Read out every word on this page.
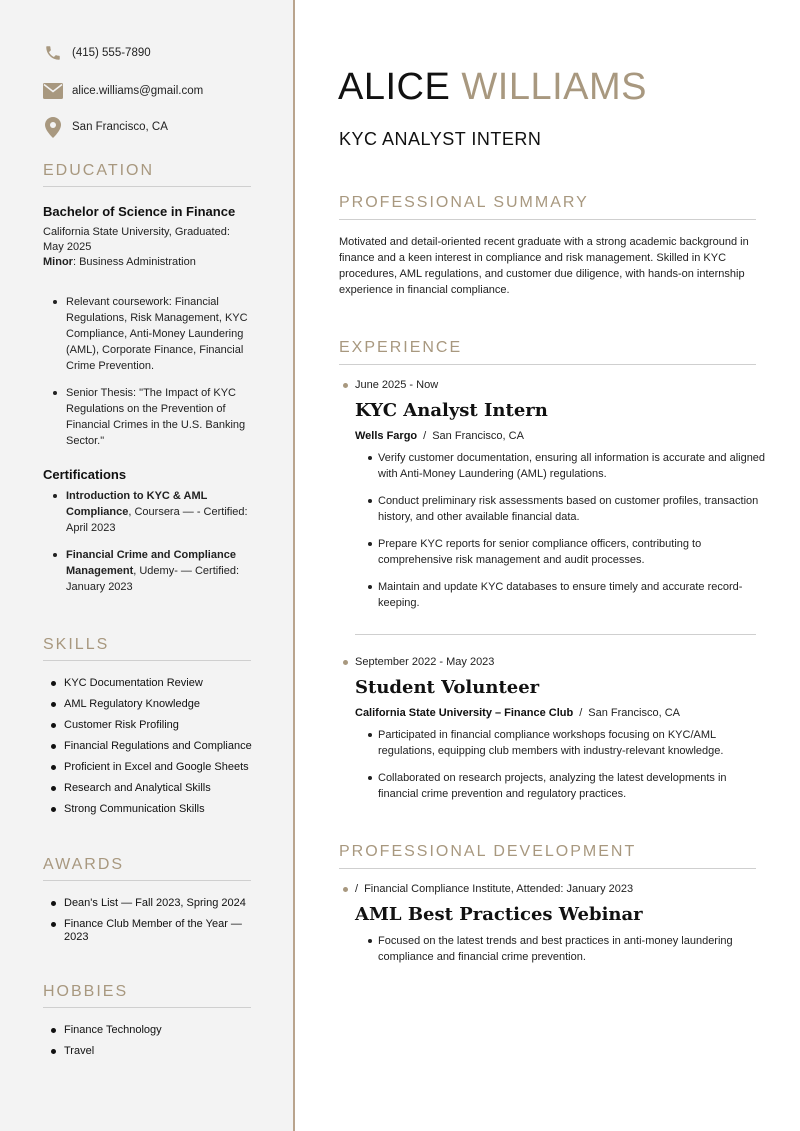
(415) 555-7890
alice.williams@gmail.com
San Francisco, CA
EDUCATION
Bachelor of Science in Finance
California State University, Graduated: May 2025
Minor: Business Administration
Relevant coursework: Financial Regulations, Risk Management, KYC Compliance, Anti-Money Laundering (AML), Corporate Finance, Financial Crime Prevention.
Senior Thesis: "The Impact of KYC Regulations on the Prevention of Financial Crimes in the U.S. Banking Sector."
Certifications
Introduction to KYC & AML Compliance, Coursera — - Certified: April 2023
Financial Crime and Compliance Management, Udemy- — Certified: January 2023
SKILLS
KYC Documentation Review
AML Regulatory Knowledge
Customer Risk Profiling
Financial Regulations and Compliance
Proficient in Excel and Google Sheets
Research and Analytical Skills
Strong Communication Skills
AWARDS
Dean's List — Fall 2023, Spring 2024
Finance Club Member of the Year — 2023
HOBBIES
Finance Technology
Travel
ALICE WILLIAMS
KYC ANALYST INTERN
PROFESSIONAL SUMMARY
Motivated and detail-oriented recent graduate with a strong academic background in finance and a keen interest in compliance and risk management. Skilled in KYC procedures, AML regulations, and customer due diligence, with hands-on internship experience in financial compliance.
EXPERIENCE
June 2025 - Now
KYC Analyst Intern
Wells Fargo / San Francisco, CA
Verify customer documentation, ensuring all information is accurate and aligned with Anti-Money Laundering (AML) regulations.
Conduct preliminary risk assessments based on customer profiles, transaction history, and other available financial data.
Prepare KYC reports for senior compliance officers, contributing to comprehensive risk management and audit processes.
Maintain and update KYC databases to ensure timely and accurate record-keeping.
September 2022 - May 2023
Student Volunteer
California State University – Finance Club / San Francisco, CA
Participated in financial compliance workshops focusing on KYC/AML regulations, equipping club members with industry-relevant knowledge.
Collaborated on research projects, analyzing the latest developments in financial crime prevention and regulatory practices.
PROFESSIONAL DEVELOPMENT
/ Financial Compliance Institute, Attended: January 2023
AML Best Practices Webinar
Focused on the latest trends and best practices in anti-money laundering compliance and financial crime prevention.
